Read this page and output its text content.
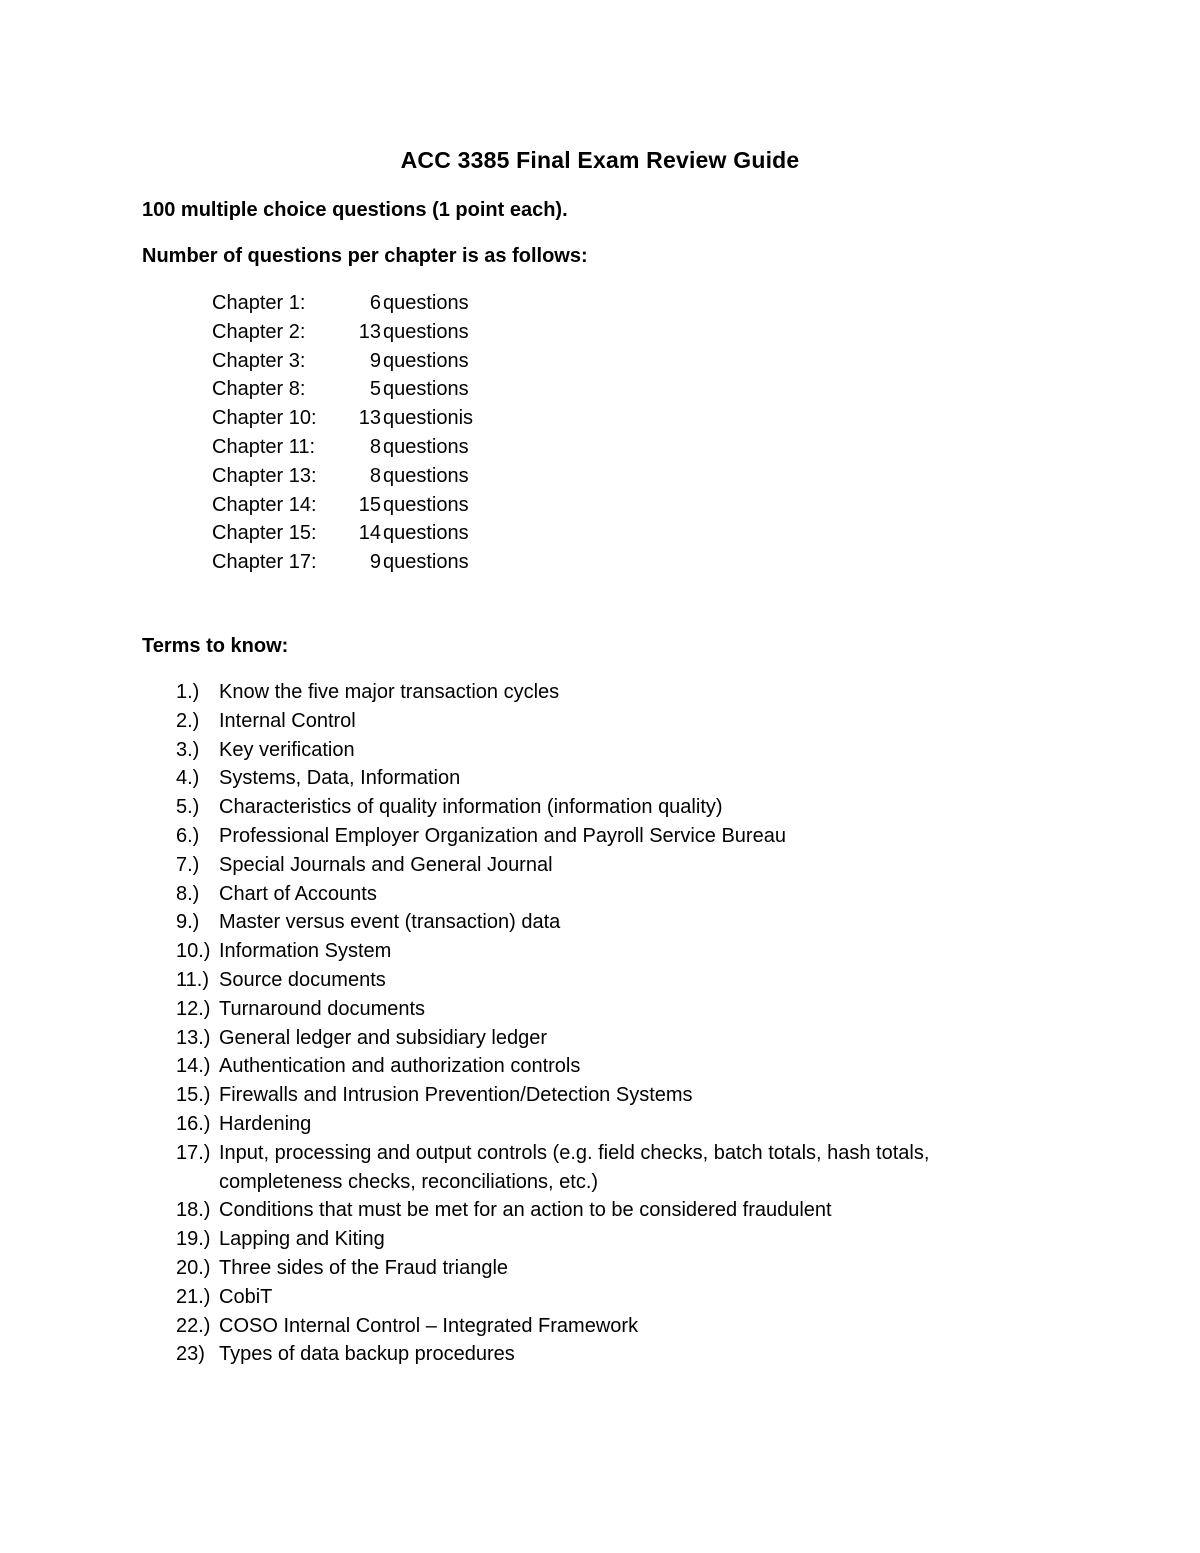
ACC 3385 Final Exam Review Guide
100 multiple choice questions (1 point each).
Number of questions per chapter is as follows:
Chapter 1:	6 questions
Chapter 2:	13 questions
Chapter 3:	9 questions
Chapter 8:	5 questions
Chapter 10: 13 questionis
Chapter 11:	8 questions
Chapter 13:	8 questions
Chapter 14: 15 questions
Chapter 15: 14 questions
Chapter 17:	9 questions
Terms to know:
1.) Know the five major transaction cycles
2.) Internal Control
3.) Key verification
4.) Systems, Data, Information
5.) Characteristics of quality information (information quality)
6.) Professional Employer Organization and Payroll Service Bureau
7.) Special Journals and General Journal
8.) Chart of Accounts
9.) Master versus event (transaction) data
10.) Information System
11.) Source documents
12.) Turnaround documents
13.) General ledger and subsidiary ledger
14.) Authentication and authorization controls
15.) Firewalls and Intrusion Prevention/Detection Systems
16.) Hardening
17.) Input, processing and output controls (e.g. field checks, batch totals, hash totals, completeness checks, reconciliations, etc.)
18.) Conditions that must be met for an action to be considered fraudulent
19.) Lapping and Kiting
20.) Three sides of the Fraud triangle
21.) CobiT
22.) COSO Internal Control – Integrated Framework
23) Types of data backup procedures
